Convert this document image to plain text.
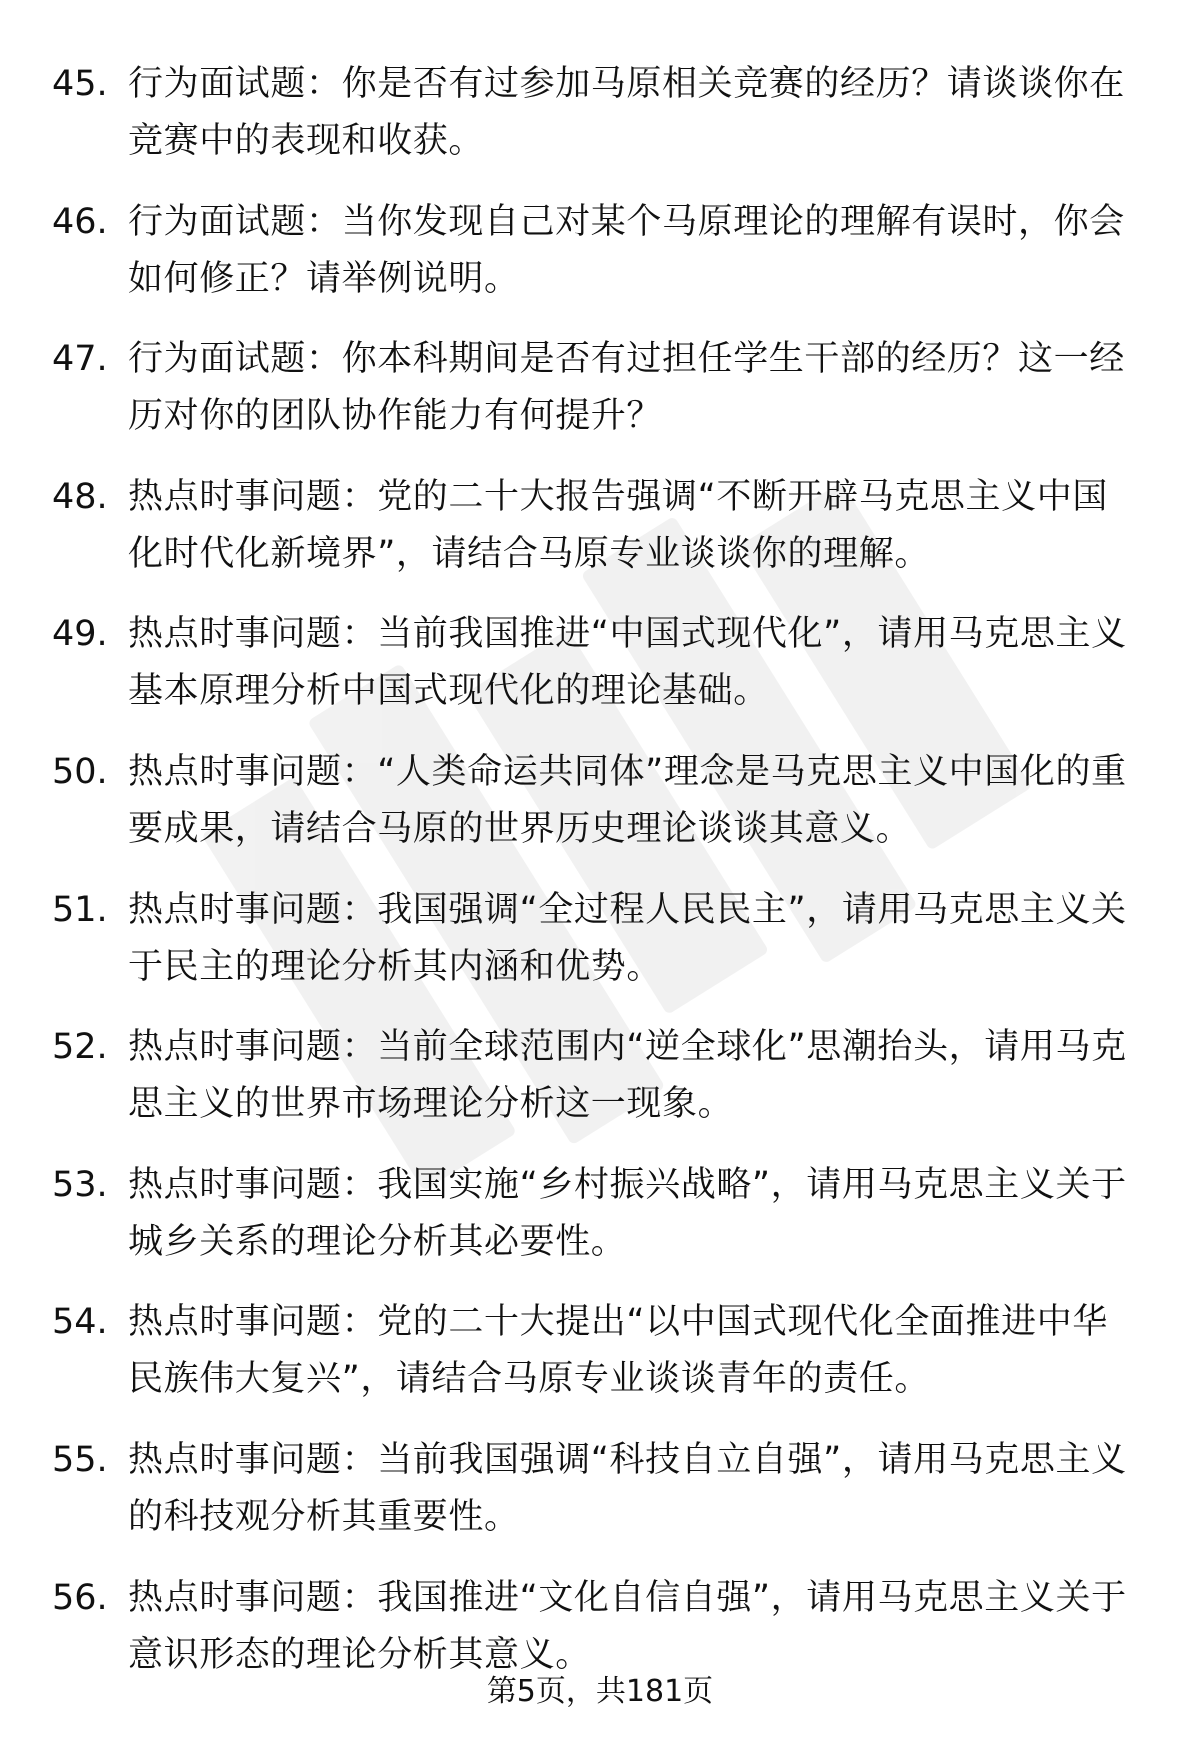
45. 行为面试题：你是否有过参加马原相关竞赛的经历？请谈谈你在竞赛中的表现和收获。
46. 行为面试题：当你发现自己对某个马原理论的理解有误时，你会如何修正？请举例说明。
47. 行为面试题：你本科期间是否有过担任学生干部的经历？这一经历对你的团队协作能力有何提升？
48. 热点时事问题：党的二十大报告强调“不断开辟马克思主义中国化时代化新境界”，请结合马原专业谈谈你的理解。
49. 热点时事问题：当前我国推进“中国式现代化”，请用马克思主义基本原理分析中国式现代化的理论基础。
50. 热点时事问题：“人类命运共同体”理念是马克思主义中国化的重要成果，请结合马原的世界历史理论谈谈其意义。
51. 热点时事问题：我国强调“全过程人民民主”，请用马克思主义关于民主的理论分析其内涵和优势。
52. 热点时事问题：当前全球范围内“逆全球化”思潮抬头，请用马克思主义的世界市场理论分析这一现象。
53. 热点时事问题：我国实施“乡村振兴战略”，请用马克思主义关于城乡关系的理论分析其必要性。
54. 热点时事问题：党的二十大提出“以中国式现代化全面推进中华民族伟大复兴”，请结合马原专业谈谈青年的责任。
55. 热点时事问题：当前我国强调“科技自立自强”，请用马克思主义的科技观分析其重要性。
56. 热点时事问题：我国推进“文化自信自强”，请用马克思主义关于意识形态的理论分析其意义。
第5页，共181页
